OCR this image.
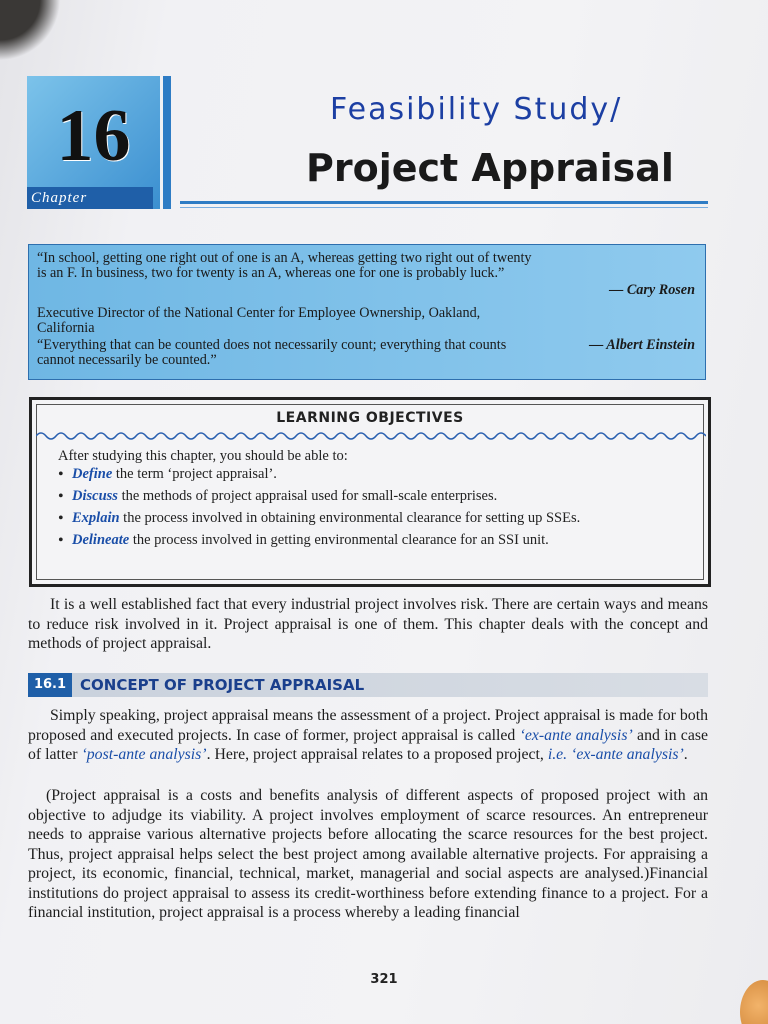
16
Chapter
Feasibility Study/
Project Appraisal

“In school, getting one right out of one is an A, whereas getting two right out of twenty

is an F. In business, two for twenty is an A, whereas one for one is probably luck.”

— Cary Rosen

Executive Director of the National Center for Employee Ownership, Oakland,

California

“Everything that can be counted does not necessarily count; everything that counts

cannot necessarily be counted.”

— Albert Einstein

LEARNING OBJECTIVES
After studying this chapter, you should be able to:
• Define the term ‘project appraisal’.
• Discuss the methods of project appraisal used for small-scale enterprises.
• Explain the process involved in obtaining environmental clearance for setting up SSEs.
• Delineate the process involved in getting environmental clearance for an SSI unit.

It is a well established fact that every industrial project involves risk. There are certain ways and means to reduce risk involved in it. Project appraisal is one of them. This chapter deals with the concept and methods of project appraisal.

16.1 CONCEPT OF PROJECT APPRAISAL

Simply speaking, project appraisal means the assessment of a project. Project appraisal is made for both proposed and executed projects. In case of former, project appraisal is called ‘ex-ante analysis’ and in case of latter ‘post-ante analysis’. Here, project appraisal relates to a proposed project, i.e. ‘ex-ante analysis’.

(Project appraisal is a costs and benefits analysis of different aspects of proposed project with an objective to adjudge its viability. A project involves employment of scarce resources. An entrepreneur needs to appraise various alternative projects before allocating the scarce resources for the best project. Thus, project appraisal helps select the best project among available alternative projects. For appraising a project, its economic, financial, technical, market, managerial and social aspects are analysed.)Financial institutions do project appraisal to assess its credit-worthiness before extending finance to a project. For a financial institution, project appraisal is a process whereby a leading financial

321
